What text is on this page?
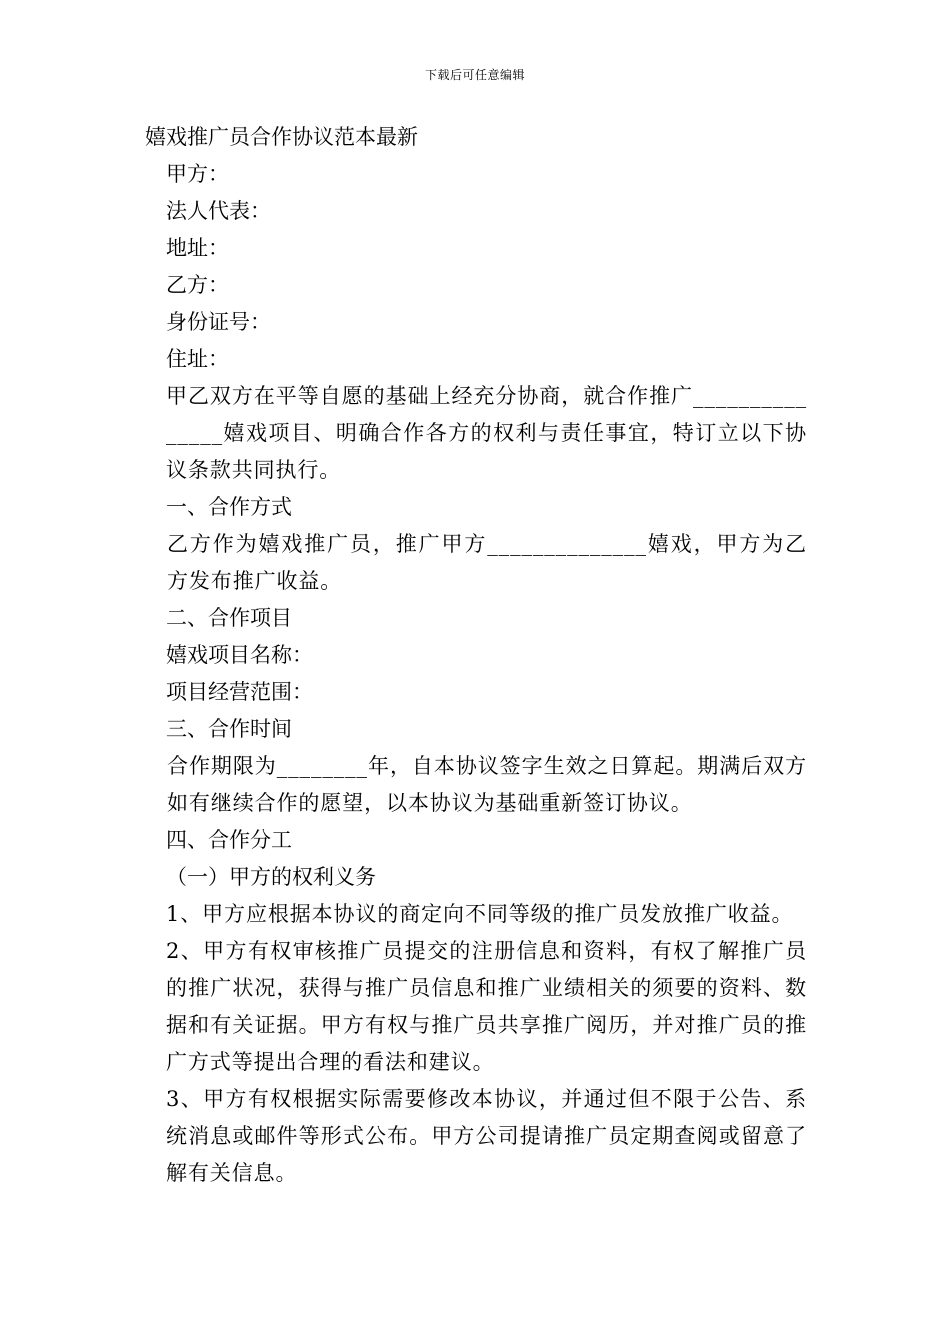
下载后可任意编辑
嬉戏推广员合作协议范本最新
甲方：
法人代表：
地址：
乙方：
身份证号：
住址：
甲乙双方在平等自愿的基础上经充分协商，就合作推广__________ _____嬉戏项目、明确合作各方的权利与责任事宜，特订立以下协议条款共同执行。
一、合作方式
乙方作为嬉戏推广员，推广甲方______________嬉戏，甲方为乙方发布推广收益。
二、合作项目
嬉戏项目名称：
项目经营范围：
三、合作时间
合作期限为________年，自本协议签字生效之日算起。期满后双方如有继续合作的愿望，以本协议为基础重新签订协议。
四、合作分工
（一）甲方的权利义务
1、甲方应根据本协议的商定向不同等级的推广员发放推广收益。
2、甲方有权审核推广员提交的注册信息和资料，有权了解推广员的推广状况，获得与推广员信息和推广业绩相关的须要的资料、数据和有关证据。甲方有权与推广员共享推广阅历，并对推广员的推广方式等提出合理的看法和建议。
3、甲方有权根据实际需要修改本协议，并通过但不限于公告、系统消息或邮件等形式公布。甲方公司提请推广员定期查阅或留意了解有关信息。
